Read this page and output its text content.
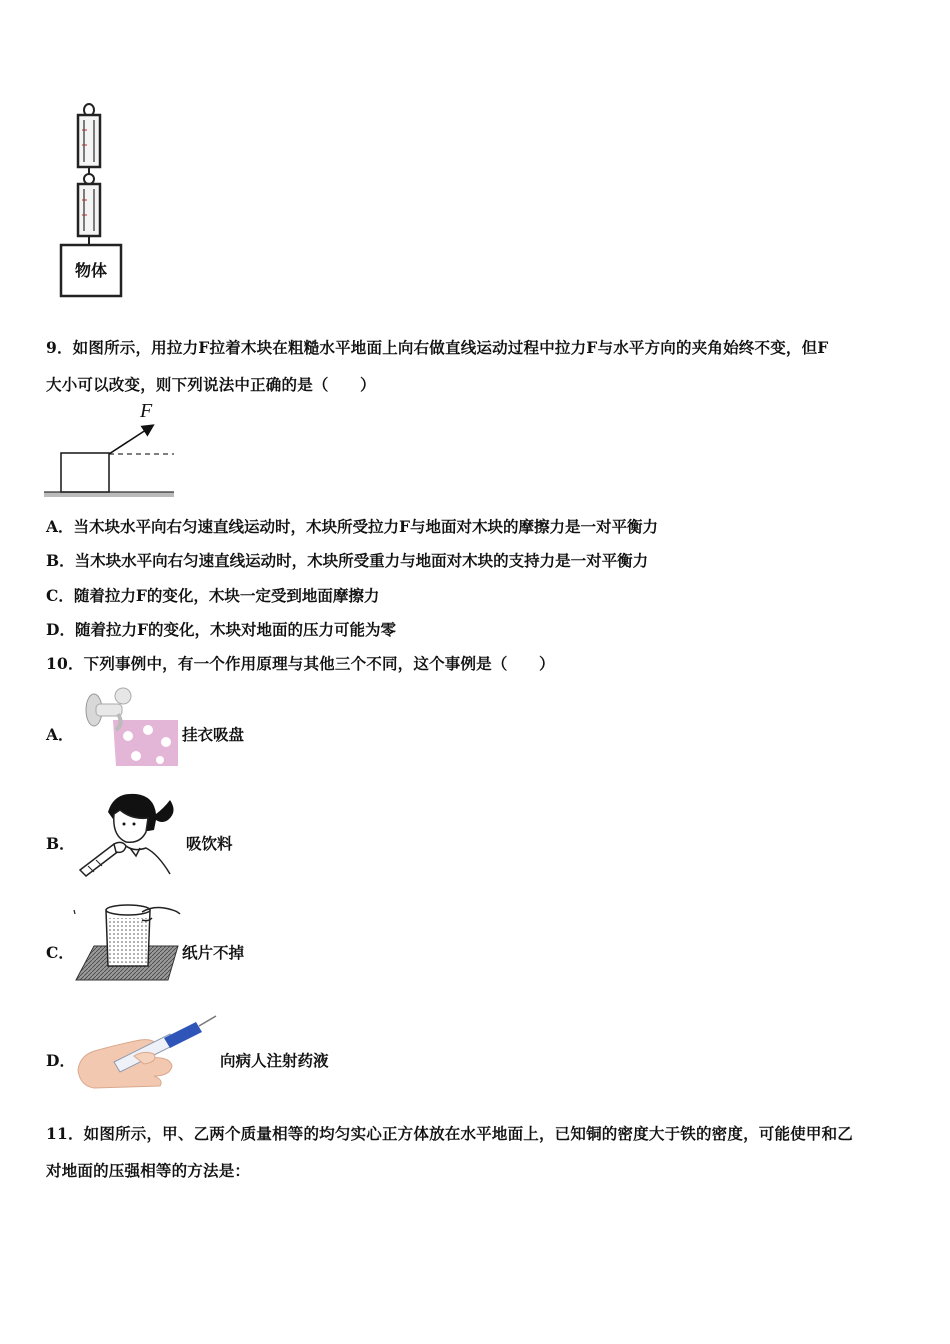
物体
9．如图所示，用拉力F拉着木块在粗糙水平地面上向右做直线运动过程中拉力F与水平方向的夹角始终不变，但F
大小可以改变，则下列说法中正确的是（　　）
F
A．当木块水平向右匀速直线运动时，木块所受拉力F与地面对木块的摩擦力是一对平衡力
B．当木块水平向右匀速直线运动时，木块所受重力与地面对木块的支持力是一对平衡力
C．随着拉力F的变化，木块一定受到地面摩擦力
D．随着拉力F的变化，木块对地面的压力可能为零
10．下列事例中，有一个作用原理与其他三个不同，这个事例是（　　）
A．	挂衣吸盘
B．	吸饮料
C．	纸片不掉
D．	向病人注射药液
11．如图所示，甲、乙两个质量相等的均匀实心正方体放在水平地面上，已知铜的密度大于铁的密度，可能使甲和乙
对地面的压强相等的方法是：
